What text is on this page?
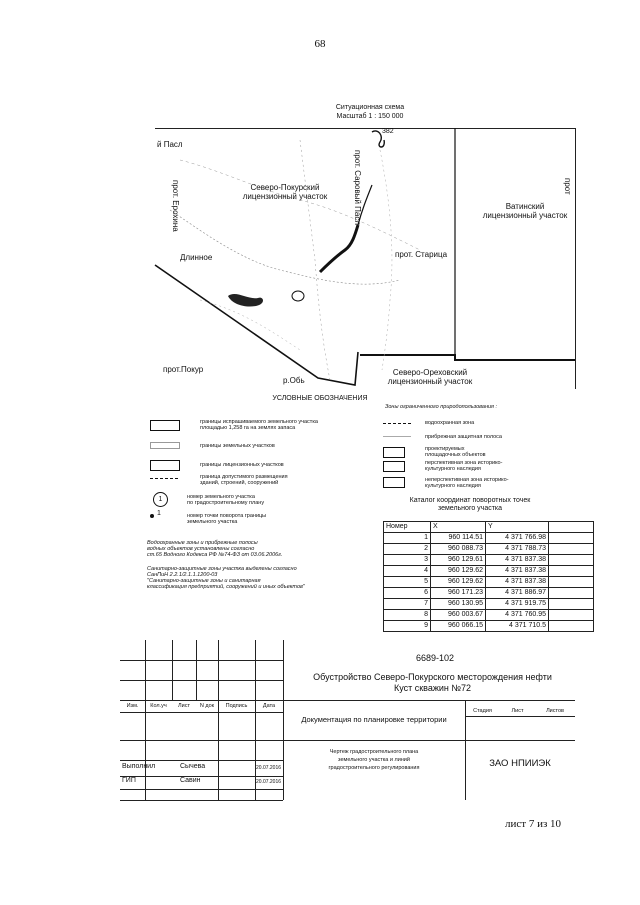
68
Ситуационная схема
Масштаб 1 : 150 000
й Пасл
прот. Ерохина	прот. Саровый Пасл
Северо-Покурский
лицензионный участок
Ватинский
лицензионный участок
Длинное	прот. Старица
прот.Покур
р.Обь
Северо-Ореховский
лицензионный участок
прот
382
УСЛОВНЫЕ ОБОЗНАЧЕНИЯ
границы испрашиваемого земельного участка
площадью 1,258 га на землях запаса
границы земельных участков
границы лицензионных участков
граница допустимого размещения
зданий, строений, сооружений
1	номер земельного участка
по градостроительному плану
1	номер точки поворота границы
земельного участка
Зоны ограниченного природопользования :
водоохранная зона
прибрежная защитная полоса
проектируемых
площадочных объектов
перспективная зона историко-
культурного наследия
неперспективная зона историко-
культурного наследия
Водоохранные зоны и прибрежные полосы
водных объектов установлены согласно
ст.65 Водного Кодекса РФ №74-ФЗ от 03.06.2006г.
Санитарно-защитные зоны участка выделены согласно
СанПиН 2.2.1/2.1.1.1200-03
"Санитарно-защитные зоны и санитарная
классификация предприятий, сооружений и иных объектов"
Каталог координат поворотных точек
земельного участка
Номер	X	Y	
1	960 114.51	4 371 766.98	
2	960 088.73	4 371 788.73	
3	960 129.61	4 371 837.38	
4	960 129.62	4 371 837.38	
5	960 129.62	4 371 837.38	
6	960 171.23	4 371 886.97	
7	960 130.95	4 371 919.75	
8	960 003.67	4 371 760.95	
9	960 066.15	4 371 710.5	
Изм.	Кол.уч	Лист	N док	Подпись	Дата
6689-102
Обустройство Северо-Покурского месторождения нефти
Куст скважин №72
Стадия	Лист	Листов
Документация по планировке территории
Чертеж градостроительного плана
земельного участка и линий
градостроительного регулирования	ЗАО НПИИЭК
Выполнил	Сычева	20.07.2016
ГИП	Савин	20.07.2016
лист 7 из 10
